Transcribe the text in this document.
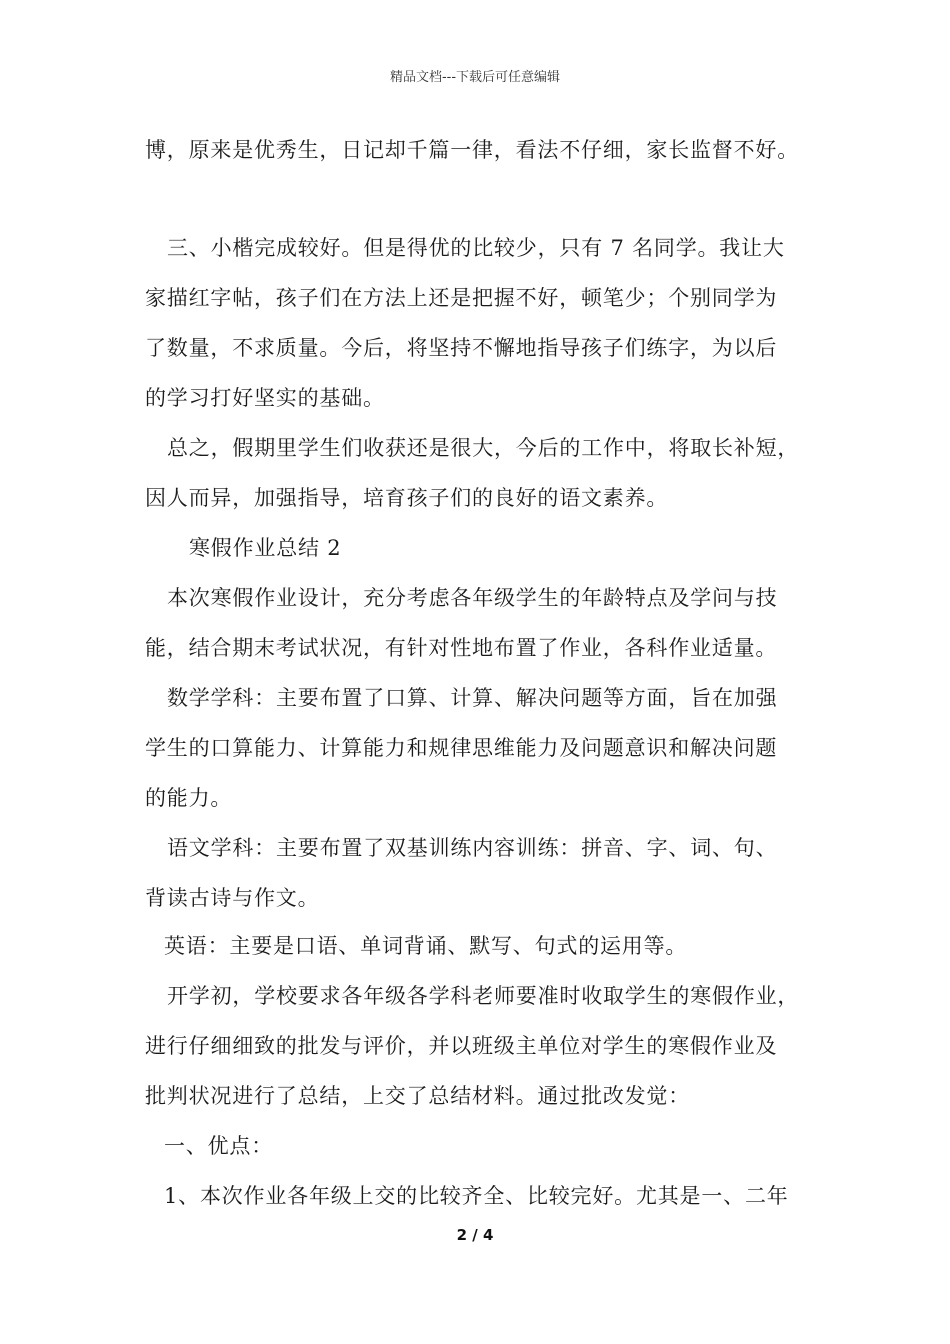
精品文档---下载后可任意编辑
博，原来是优秀生，日记却千篇一律，看法不仔细，家长监督不好。
三、小楷完成较好。但是得优的比较少，只有 7 名同学。我让大
家描红字帖，孩子们在方法上还是把握不好，顿笔少；个别同学为
了数量，不求质量。今后，将坚持不懈地指导孩子们练字，为以后
的学习打好坚实的基础。
总之，假期里学生们收获还是很大，今后的工作中，将取长补短，
因人而异，加强指导，培育孩子们的良好的语文素养。
寒假作业总结 2
本次寒假作业设计，充分考虑各年级学生的年龄特点及学问与技
能，结合期末考试状况，有针对性地布置了作业，各科作业适量。
数学学科：主要布置了口算、计算、解决问题等方面，旨在加强
学生的口算能力、计算能力和规律思维能力及问题意识和解决问题
的能力。
语文学科：主要布置了双基训练内容训练：拼音、字、词、句、
背读古诗与作文。
英语：主要是口语、单词背诵、默写、句式的运用等。
开学初，学校要求各年级各学科老师要准时收取学生的寒假作业，
进行仔细细致的批发与评价，并以班级主单位对学生的寒假作业及
批判状况进行了总结，上交了总结材料。通过批改发觉：
一、优点：
1、本次作业各年级上交的比较齐全、比较完好。尤其是一、二年
2 / 4
